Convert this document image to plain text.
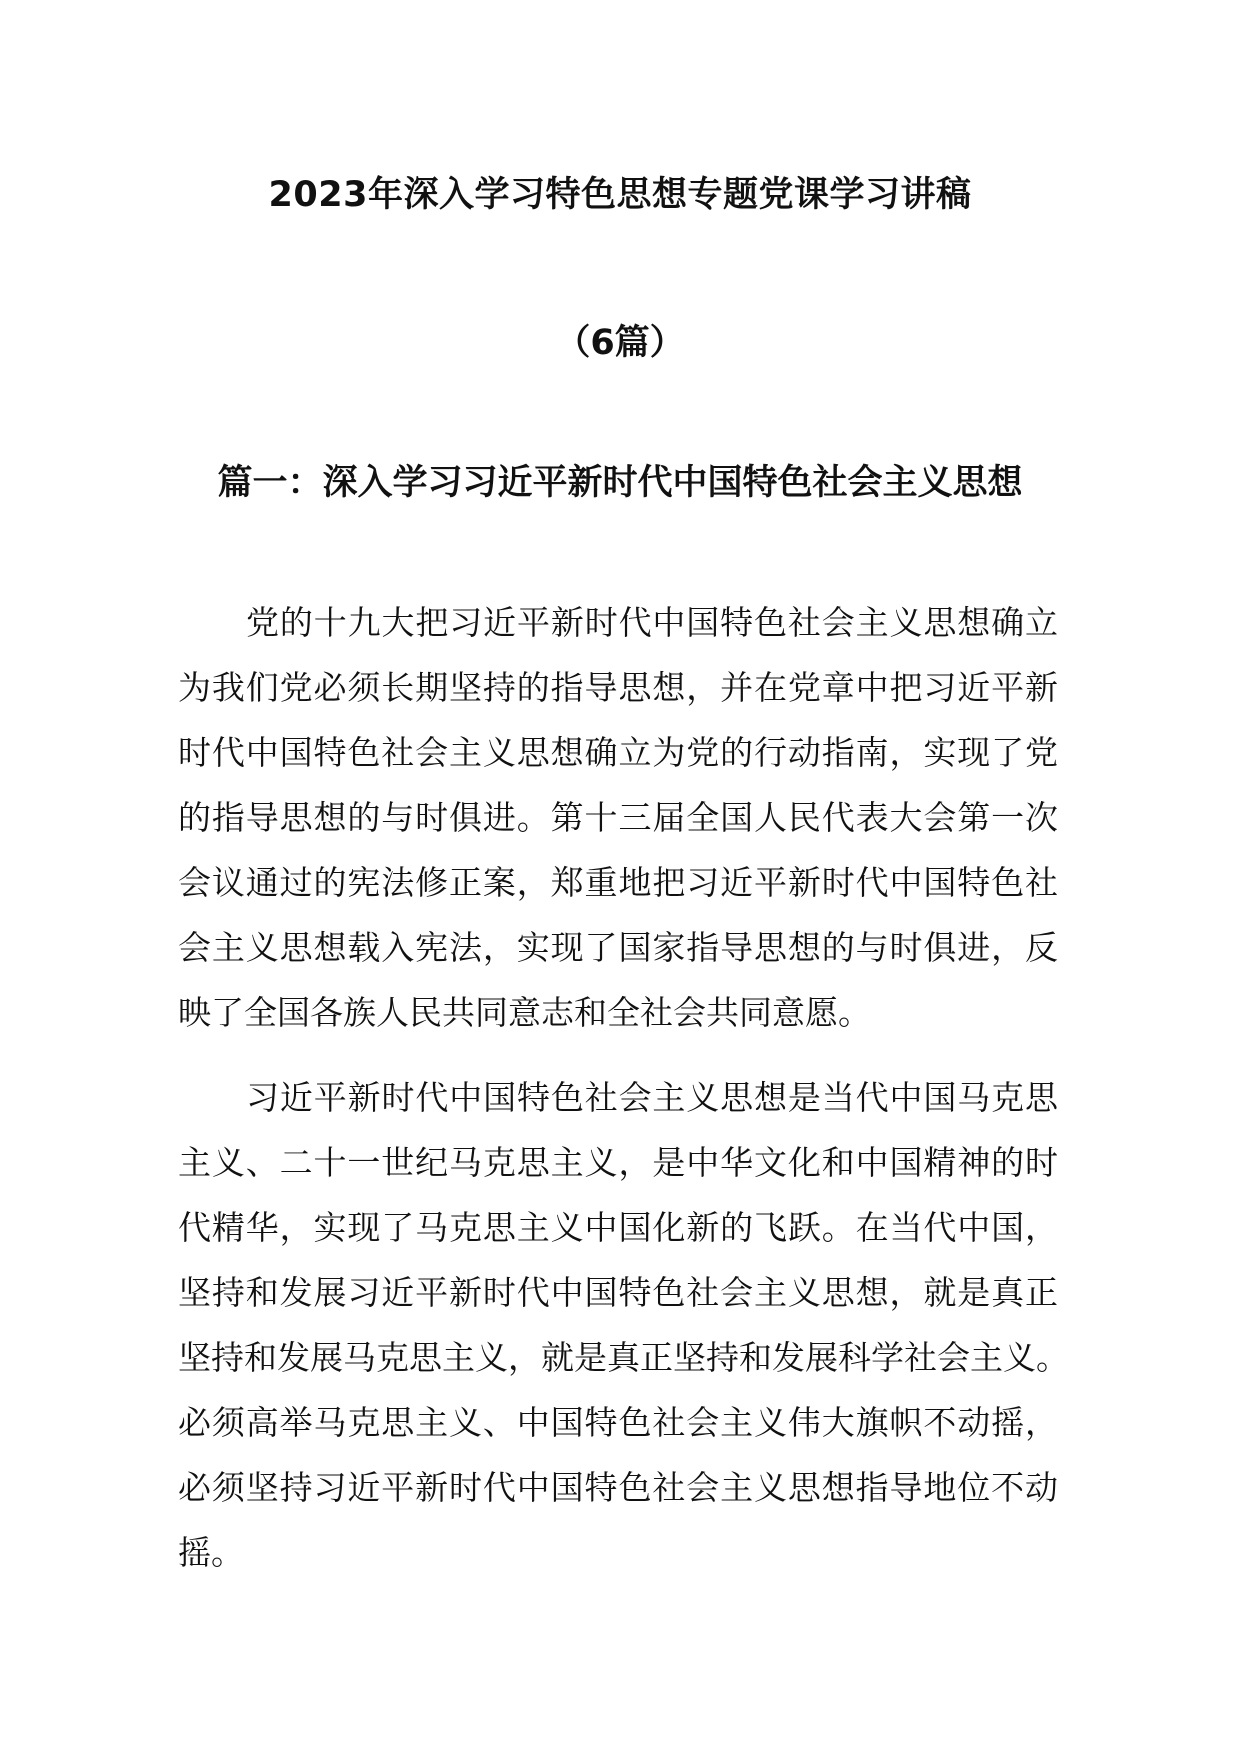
2023年深入学习特色思想专题党课学习讲稿
（6篇）
篇一：深入学习习近平新时代中国特色社会主义思想

党的十九大把习近平新时代中国特色社会主义思想确立
为我们党必须长期坚持的指导思想，并在党章中把习近平新
时代中国特色社会主义思想确立为党的行动指南，实现了党
的指导思想的与时俱进。第十三届全国人民代表大会第一次
会议通过的宪法修正案，郑重地把习近平新时代中国特色社
会主义思想载入宪法，实现了国家指导思想的与时俱进，反
映了全国各族人民共同意志和全社会共同意愿。

习近平新时代中国特色社会主义思想是当代中国马克思
主义、二十一世纪马克思主义，是中华文化和中国精神的时
代精华，实现了马克思主义中国化新的飞跃。在当代中国，
坚持和发展习近平新时代中国特色社会主义思想，就是真正
坚持和发展马克思主义，就是真正坚持和发展科学社会主义。
必须高举马克思主义、中国特色社会主义伟大旗帜不动摇，
必须坚持习近平新时代中国特色社会主义思想指导地位不动
摇。
